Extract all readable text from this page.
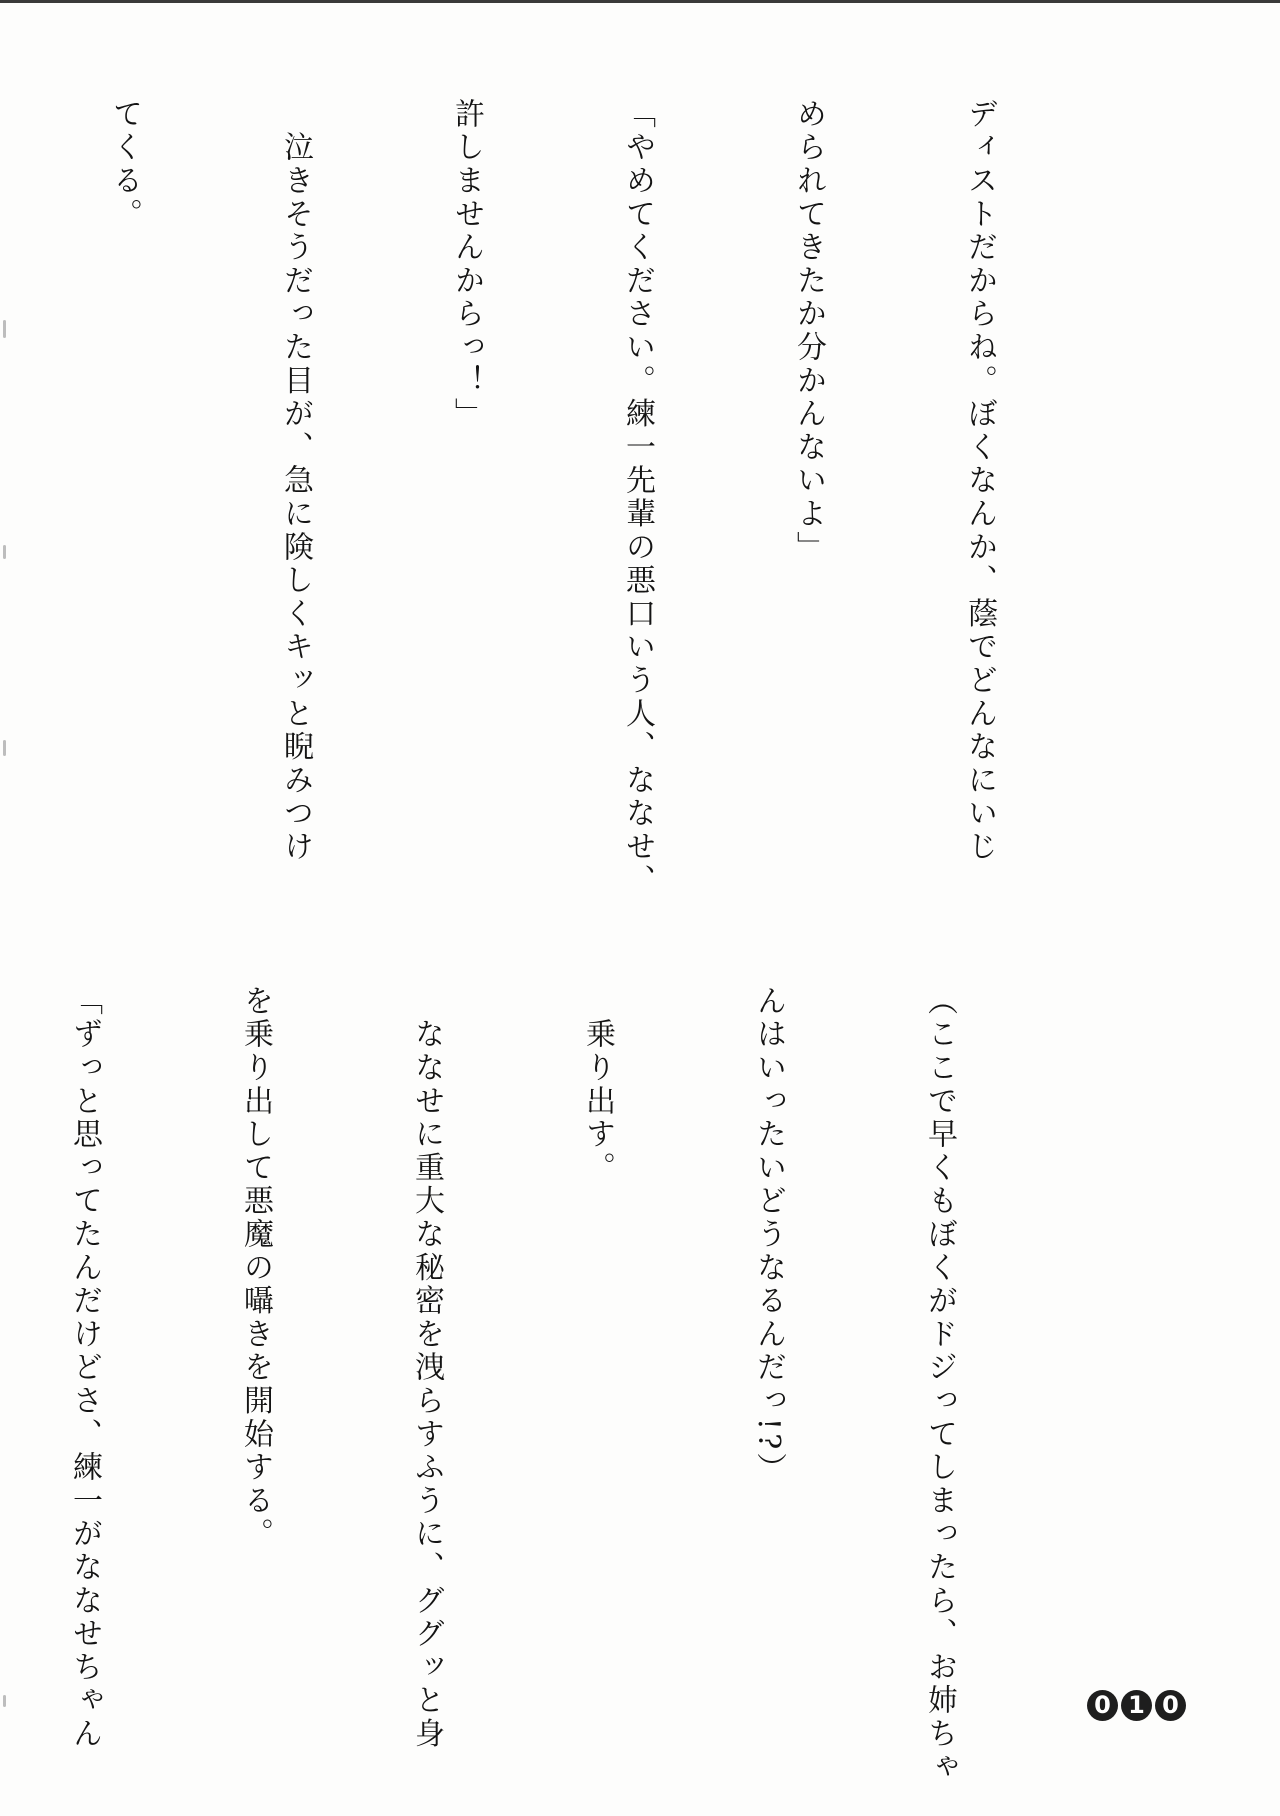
ディストだからね。ぼくなんか、蔭でどんなにいじ

められてきたか分かんないよ」

「やめてください。練一先輩の悪口いう人、ななせ、

許しませんからっ！」

　泣きそうだった目が、急に険しくキッと睨みつけ

てくる。

（ここで早くもぼくがドジってしまったら、お姉ちゃ

んはいったいどうなるんだっ!?）

　乗り出す。

　ななせに重大な秘密を洩らすふうに、ググッと身

を乗り出して悪魔の囁きを開始する。

「ずっと思ってたんだけどさ、練一がななせちゃん

	0 1 0
